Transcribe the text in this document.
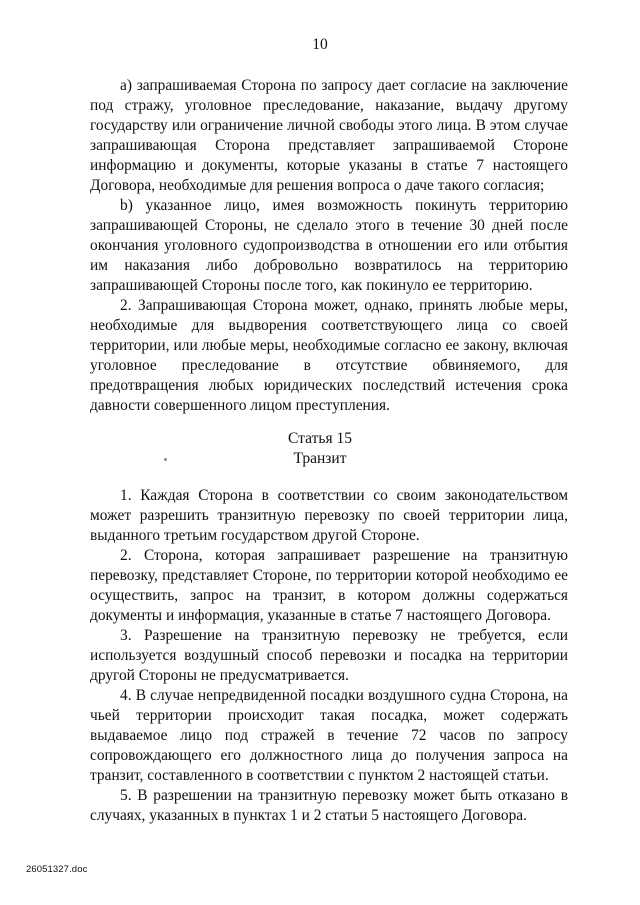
10

а) запрашиваемая Сторона по запросу дает согласие на заключение под стражу, уголовное преследование, наказание, выдачу другому государству или ограничение личной свободы этого лица. В этом случае запрашивающая Сторона представляет запрашиваемой Стороне информацию и документы, которые указаны в статье 7 настоящего Договора, необходимые для решения вопроса о даче такого согласия;

b) указанное лицо, имея возможность покинуть территорию запрашивающей Стороны, не сделало этого в течение 30 дней после окончания уголовного судопроизводства в отношении его или отбытия им наказания либо добровольно возвратилось на территорию запрашивающей Стороны после того, как покинуло ее территорию.

2. Запрашивающая Сторона может, однако, принять любые меры, необходимые для выдворения соответствующего лица со своей территории, или любые меры, необходимые согласно ее закону, включая уголовное преследование в отсутствие обвиняемого, для предотвращения любых юридических последствий истечения срока давности совершенного лицом преступления.

Статья 15
Транзит

1. Каждая Сторона в соответствии со своим законодательством может разрешить транзитную перевозку по своей территории лица, выданного третьим государством другой Стороне.

2. Сторона, которая запрашивает разрешение на транзитную перевозку, представляет Стороне, по территории которой необходимо ее осуществить, запрос на транзит, в котором должны содержаться документы и информация, указанные в статье 7 настоящего Договора.

3. Разрешение на транзитную перевозку не требуется, если используется воздушный способ перевозки и посадка на территории другой Стороны не предусматривается.

4. В случае непредвиденной посадки воздушного судна Сторона, на чьей территории происходит такая посадка, может содержать выдаваемое лицо под стражей в течение 72 часов по запросу сопровождающего его должностного лица до получения запроса на транзит, составленного в соответствии с пунктом 2 настоящей статьи.

5. В разрешении на транзитную перевозку может быть отказано в случаях, указанных в пунктах 1 и 2 статьи 5 настоящего Договора.

26051327.doc
